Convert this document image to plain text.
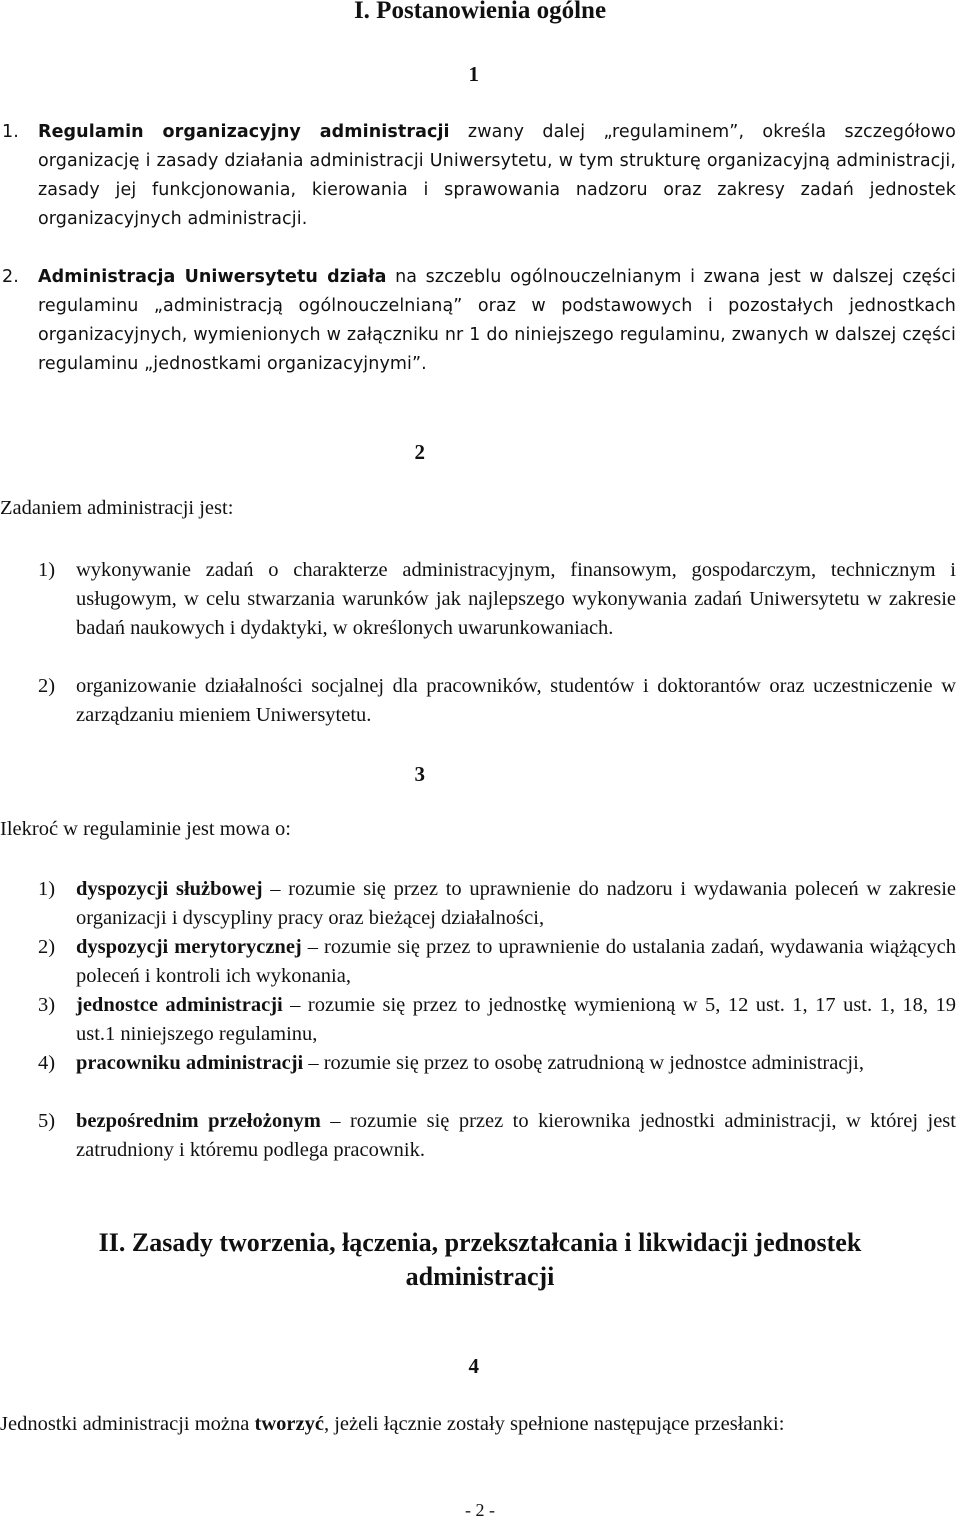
I. Postanowienia ogólne
1
1. Regulamin organizacyjny administracji zwany dalej „regulaminem”, określa szczegółowo organizację i zasady działania administracji Uniwersytetu, w tym strukturę organizacyjną administracji, zasady jej funkcjonowania, kierowania i sprawowania nadzoru oraz zakresy zadań jednostek organizacyjnych administracji.
2. Administracja Uniwersytetu działa na szczeblu ogólnouczelnianym i zwana jest w dalszej części regulaminu „administracją ogólnouczelnianą” oraz w podstawowych i pozostałych jednostkach organizacyjnych, wymienionych w załączniku nr 1 do niniejszego regulaminu, zwanych w dalszej części regulaminu „jednostkami organizacyjnymi”.
2
Zadaniem administracji jest:
1) wykonywanie zadań o charakterze administracyjnym, finansowym, gospodarczym, technicznym i usługowym, w celu stwarzania warunków jak najlepszego wykonywania zadań Uniwersytetu w zakresie badań naukowych i dydaktyki, w określonych uwarunkowaniach.
2) organizowanie działalności socjalnej dla pracowników, studentów i doktorantów oraz uczestniczenie w zarządzaniu mieniem Uniwersytetu.
3
Ilekroć w regulaminie jest mowa o:
1) dyspozycji służbowej – rozumie się przez to uprawnienie do nadzoru i wydawania poleceń w zakresie organizacji i dyscypliny pracy oraz bieżącej działalności,
2) dyspozycji merytorycznej – rozumie się przez to uprawnienie do ustalania zadań, wydawania wiążących poleceń i kontroli ich wykonania,
3) jednostce administracji – rozumie się przez to jednostkę wymienioną w 5, 12 ust. 1, 17 ust. 1, 18, 19 ust.1 niniejszego regulaminu,
4) pracowniku administracji – rozumie się przez to osobę zatrudnioną w jednostce administracji,
5) bezpośrednim przełożonym – rozumie się przez to kierownika jednostki administracji, w której jest zatrudniony i któremu podlega pracownik.
II. Zasady tworzenia, łączenia, przekształcania i likwidacji jednostek
administracji
4
Jednostki administracji można tworzyć, jeżeli łącznie zostały spełnione następujące przesłanki:
- 2 -
